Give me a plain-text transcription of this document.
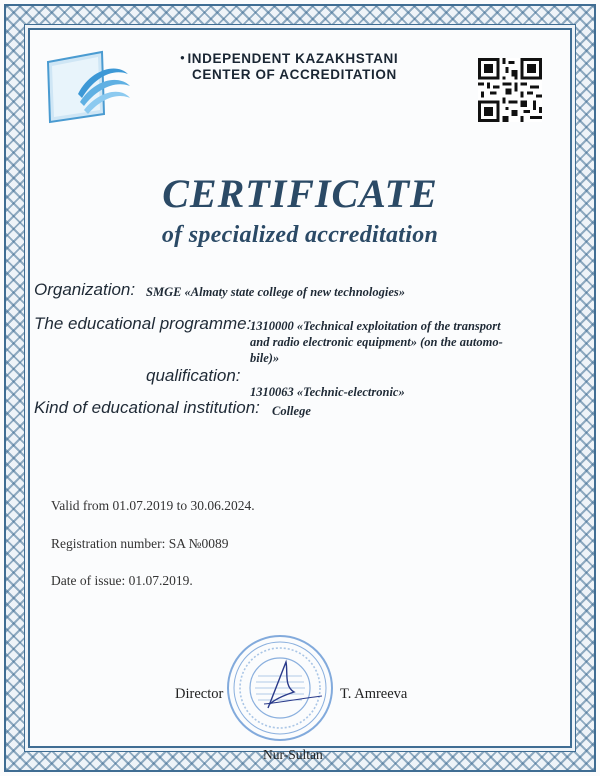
● INDEPENDENT KAZAKHSTANI
CENTER OF ACCREDITATION
CERTIFICATE
of specialized accreditation
Organization: SMGE «Almaty state college of new technologies»
The educational programme:
1310000 «Technical exploitation of the transport
and radio electronic equipment» (on the automo-
bile)»
qualification:
1310063 «Technic-electronic»
Kind of educational institution: College
Valid from 01.07.2019 to 30.06.2024.
Registration number: SA №0089
Date of issue: 01.07.2019.
Director	T. Amreeva
Nur-Sultan
